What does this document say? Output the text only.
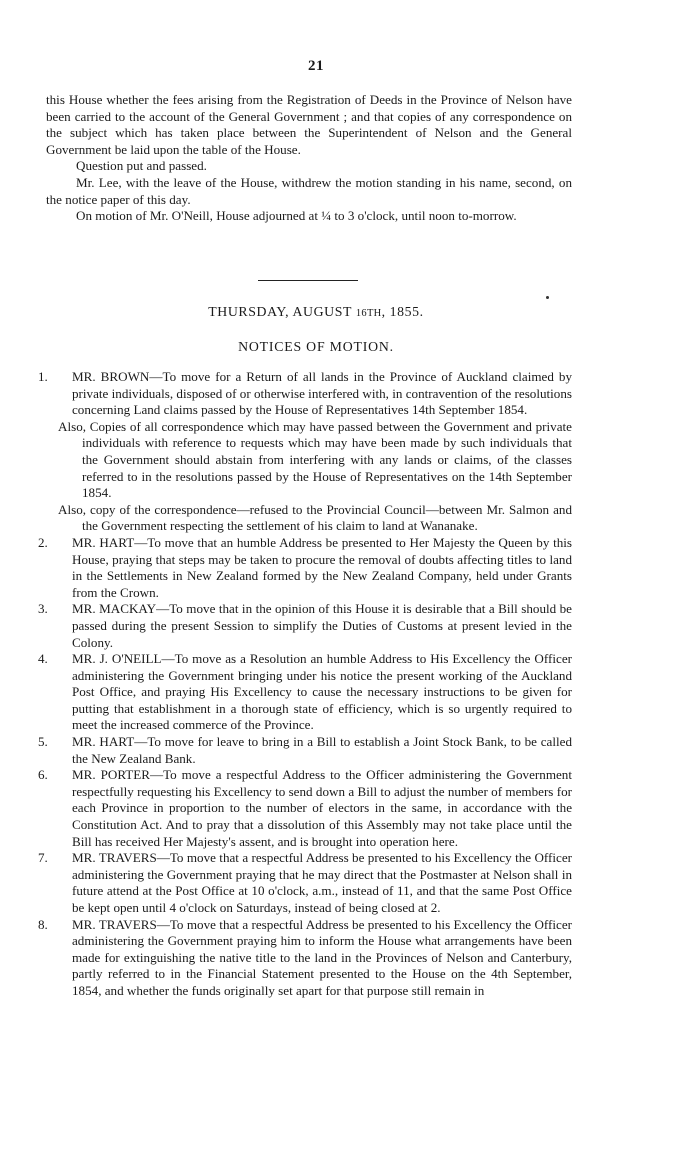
21

this House whether the fees arising from the Registration of Deeds in the Province of Nelson have been carried to the account of the General Government ; and that copies of any correspondence on the subject which has taken place between the Superintendent of Nelson and the General Government be laid upon the table of the House.

Question put and passed.

Mr. Lee, with the leave of the House, withdrew the motion standing in his name, second, on the notice paper of this day.

On motion of Mr. O'Neill, House adjourned at ¼ to 3 o'clock, until noon to-morrow.

THURSDAY, AUGUST 16TH, 1855.
NOTICES OF MOTION.
1.	MR. BROWN—To move for a Return of all lands in the Province of Auckland claimed by private individuals, disposed of or otherwise interfered with, in contravention of the resolutions concerning Land claims passed by the House of Representatives 14th September 1854.
Also, Copies of all correspondence which may have passed between the Government and private individuals with reference to requests which may have been made by such individuals that the Government should abstain from interfering with any lands or claims, of the classes referred to in the resolutions passed by the House of Representatives on the 14th September 1854.
Also, copy of the correspondence—refused to the Provincial Council—between Mr. Salmon and the Government respecting the settlement of his claim to land at Wananake.
2.	MR. HART—To move that an humble Address be presented to Her Majesty the Queen by this House, praying that steps may be taken to procure the removal of doubts affecting titles to land in the Settlements in New Zealand formed by the New Zealand Company, held under Grants from the Crown.
3.	MR. MACKAY—To move that in the opinion of this House it is desirable that a Bill should be passed during the present Session to simplify the Duties of Customs at present levied in the Colony.
4.	MR. J. O'NEILL—To move as a Resolution an humble Address to His Excellency the Officer administering the Government bringing under his notice the present working of the Auckland Post Office, and praying His Excellency to cause the necessary instructions to be given for putting that establishment in a thorough state of efficiency, which is so urgently required to meet the increased commerce of the Province.
5.	MR. HART—To move for leave to bring in a Bill to establish a Joint Stock Bank, to be called the New Zealand Bank.
6.	MR. PORTER—To move a respectful Address to the Officer administering the Government respectfully requesting his Excellency to send down a Bill to adjust the number of members for each Province in proportion to the number of electors in the same, in accordance with the Constitution Act. And to pray that a dissolution of this Assembly may not take place until the Bill has received Her Majesty's assent, and is brought into operation here.
7.	MR. TRAVERS—To move that a respectful Address be presented to his Excellency the Officer administering the Government praying that he may direct that the Postmaster at Nelson shall in future attend at the Post Office at 10 o'clock, a.m., instead of 11, and that the same Post Office be kept open until 4 o'clock on Saturdays, instead of being closed at 2.
8.	MR. TRAVERS—To move that a respectful Address be presented to his Excellency the Officer administering the Government praying him to inform the House what arrangements have been made for extinguishing the native title to the land in the Provinces of Nelson and Canterbury, partly referred to in the Financial Statement presented to the House on the 4th September, 1854, and whether the funds originally set apart for that purpose still remain in
